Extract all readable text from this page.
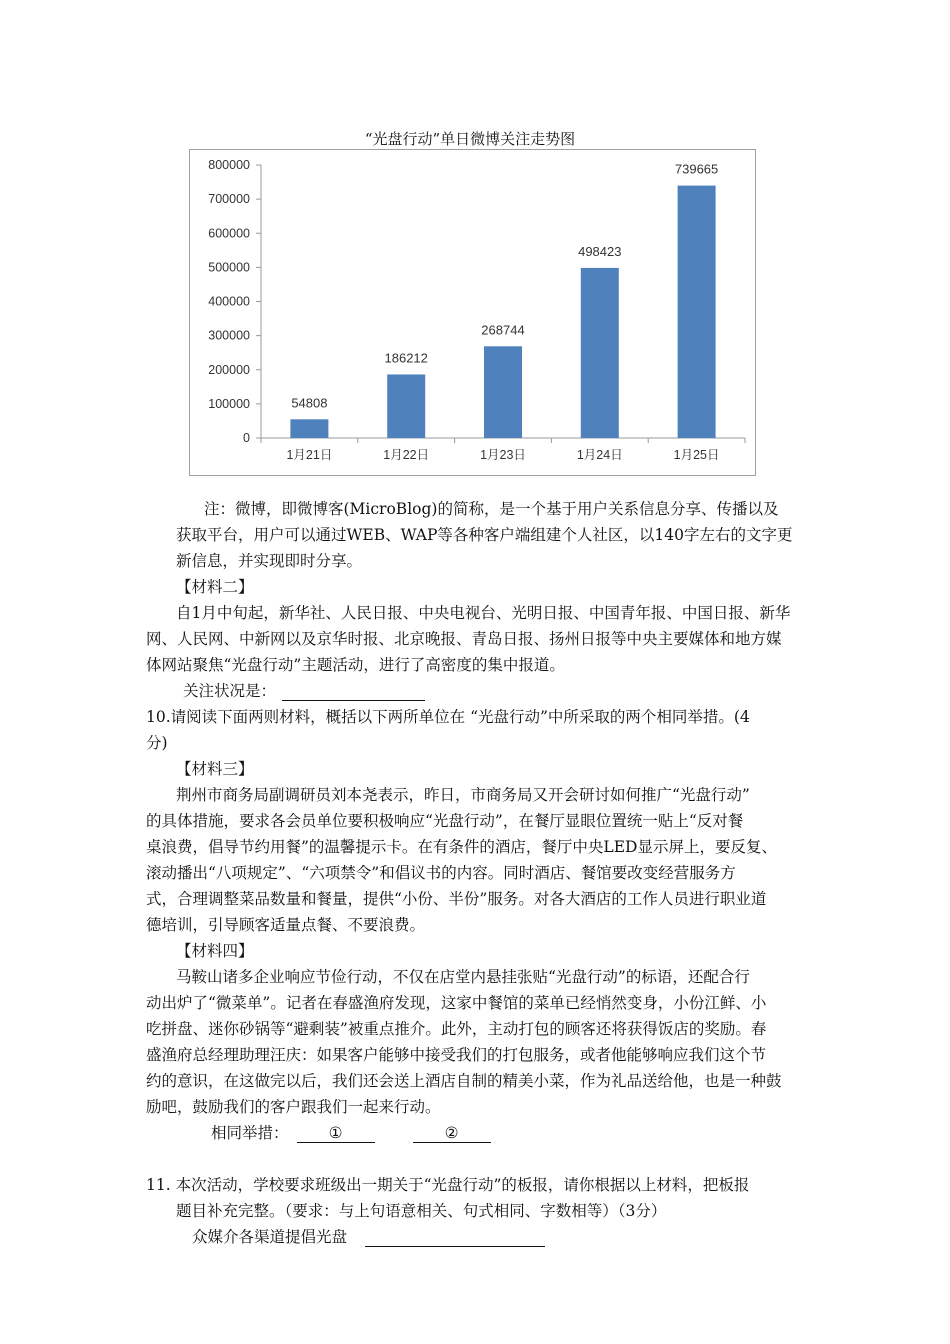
“光盘行动”单日微博关注走势图
0
100000
200000
300000
400000
500000
600000
700000
800000
54808
1月21日
186212
1月22日
268744
1月23日
498423
1月24日
739665
1月25日
注：微博，即微博客(MicroBlog)的简称，是一个基于用户关系信息分享、传播以及
获取平台，用户可以通过WEB、WAP等各种客户端组建个人社区，以140字左右的文字更
新信息，并实现即时分享。
【材料二】
自1月中旬起，新华社、人民日报、中央电视台、光明日报、中国青年报、中国日报、新华
网、人民网、中新网以及京华时报、北京晚报、青岛日报、扬州日报等中央主要媒体和地方媒
体网站聚焦“光盘行动”主题活动，进行了高密度的集中报道。
关注状况是：
10.请阅读下面两则材料，概括以下两所单位在 “光盘行动”中所采取的两个相同举措。(4
分)
【材料三】
荆州市商务局副调研员刘本尧表示，昨日，市商务局又开会研讨如何推广“光盘行动”
的具体措施，要求各会员单位要积极响应“光盘行动”，在餐厅显眼位置统一贴上“反对餐
桌浪费，倡导节约用餐”的温馨提示卡。在有条件的酒店，餐厅中央LED显示屏上，要反复、
滚动播出“八项规定”、“六项禁令”和倡议书的内容。同时酒店、餐馆要改变经营服务方
式，合理调整菜品数量和餐量，提供“小份、半份”服务。对各大酒店的工作人员进行职业道
德培训，引导顾客适量点餐、不要浪费。
【材料四】
马鞍山诸多企业响应节俭行动，不仅在店堂内悬挂张贴“光盘行动”的标语，还配合行
动出炉了“微菜单”。记者在春盛渔府发现，这家中餐馆的菜单已经悄然变身，小份江鲜、小
吃拼盘、迷你砂锅等“避剩装”被重点推介。此外，主动打包的顾客还将获得饭店的奖励。春
盛渔府总经理助理汪庆：如果客户能够中接受我们的打包服务，或者他能够响应我们这个节
约的意识，在这做完以后，我们还会送上酒店自制的精美小菜，作为礼品送给他，也是一种鼓
励吧，鼓励我们的客户跟我们一起来行动。
相同举措：	①	②
11. 本次活动，学校要求班级出一期关于“光盘行动”的板报，请你根据以上材料，把板报
题目补充完整。（要求：与上句语意相关、句式相同、字数相等）（3分）
众媒介各渠道提倡光盘
